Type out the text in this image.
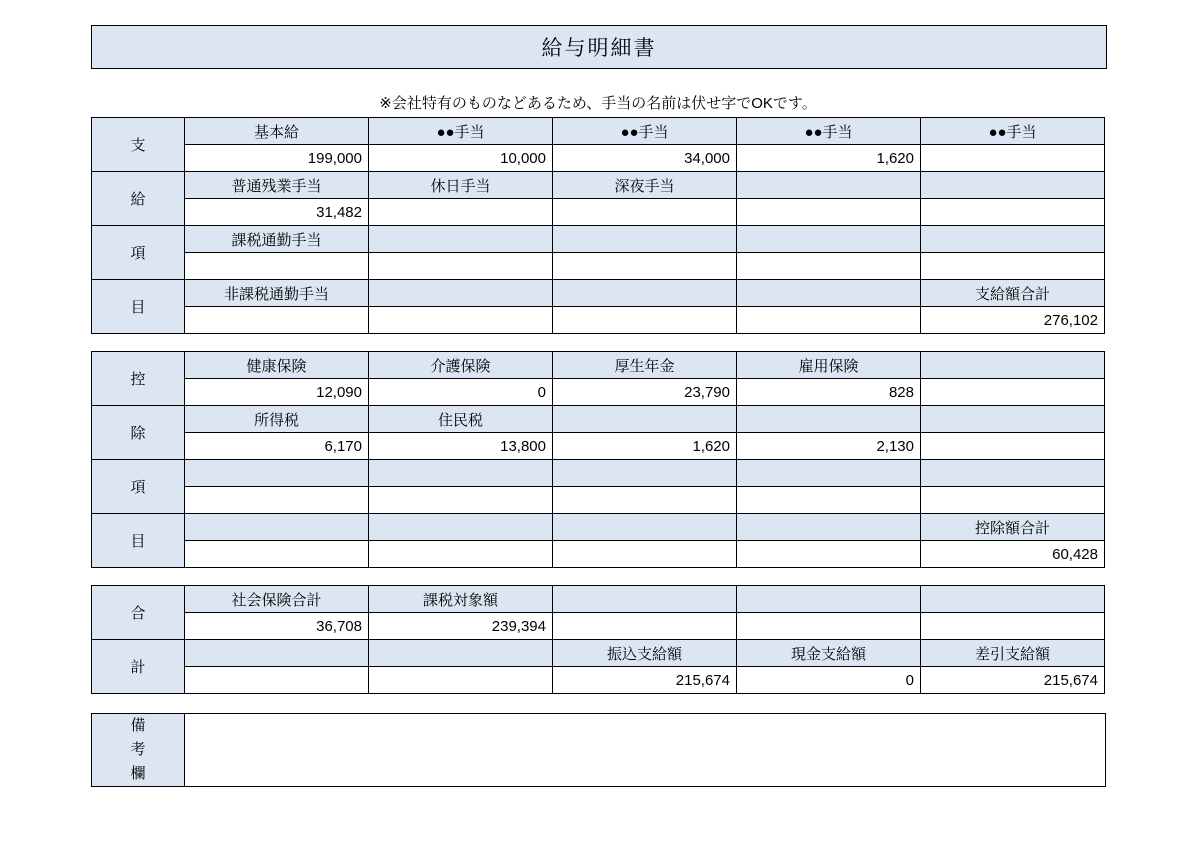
給与明細書
※会社特有のものなどあるため、手当の名前は伏せ字でOKです。
支	基本給	●●手当	●●手当	●●手当	●●手当
	199,000	10,000	34,000	1,620	
給	普通残業手当	休日手当	深夜手当		
	31,482				
項	課税通勤手当				

目	非課税通勤手当				支給額合計
					276,102
控	健康保険	介護保険	厚生年金	雇用保険	
	12,090	0	23,790	828	
除	所得税	住民税			
	6,170	13,800	1,620	2,130	
項					

目					控除額合計
					60,428
合	社会保険合計	課税対象額			
	36,708	239,394			
計			振込支給額	現金支給額	差引支給額
			215,674	0	215,674
備
考
欄
